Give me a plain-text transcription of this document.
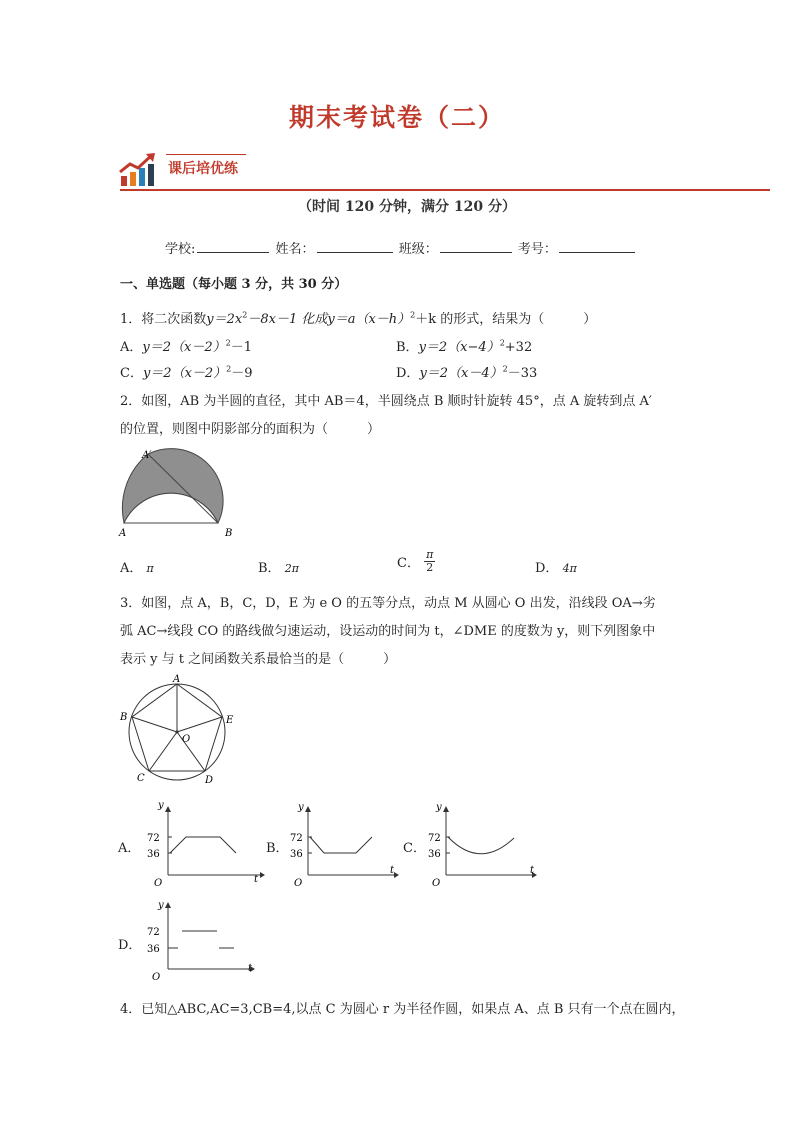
期末考试卷（二）
课后培优练
（时间 120 分钟，满分 120 分）
学校:	姓名：	班级：	考号：
一、单选题（每小题 3 分，共 30 分）
1．将二次函数$y=2x^2-8x-1$ 化成$y=a(x-h)^2+k$ 的形式，结果为（　　　）
A．$y=2(x-2)^2-1$	B．$y=2(x-4)^2+32$
C．$y=2(x-2)^2-9$	D．$y=2(x-4)^2-33$
2．如图，AB 为半圆的直径，其中 AB＝4，半圆绕点 B 顺时针旋转 45°，点 A 旋转到点 A′
的位置，则图中阴影部分的面积为（　　　）
A′
A	B
A． π	B． 2π	C． $\frac{\pi}{2}$	D． 4π
3．如图，点 A，B，C，D，E 为 e O 的五等分点，动点 M 从圆心 O 出发，沿线段 OA→劣
弧 AC→线段 CO 的路线做匀速运动，设运动的时间为 t，∠DME 的度数为 y，则下列图象中
表示 y 与 t 之间函数关系最恰当的是（　　　）
A
B	E
C	D
O
A．
y
t
O
72
36	B．
y
t
O
72
36	C．
y
t
O
72
36
D．
y
t
O
72
36
4．已知△ABC,AC=3,CB=4,以点 C 为圆心 r 为半径作圆，如果点 A、点 B 只有一个点在圆内，
